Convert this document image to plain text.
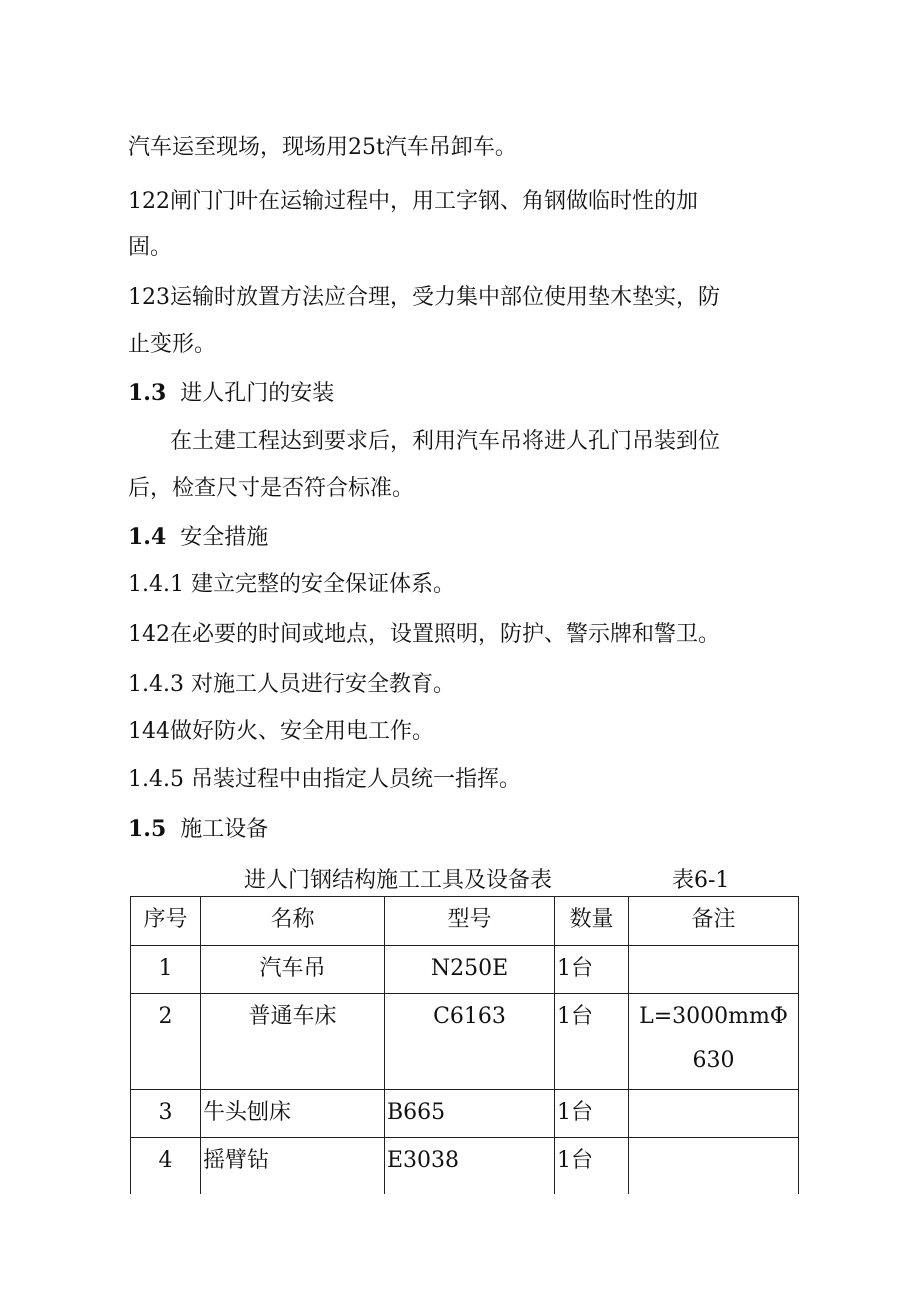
汽车运至现场，现场用25t汽车吊卸车。
122闸门门叶在运输过程中，用工字钢、角钢做临时性的加
固。
123运输时放置方法应合理，受力集中部位使用垫木垫实，防
止变形。
1.3 进人孔门的安装
在土建工程达到要求后，利用汽车吊将进人孔门吊装到位
后，检查尺寸是否符合标准。
1.4 安全措施
1.4.1 建立完整的安全保证体系。
142在必要的时间或地点，设置照明，防护、警示牌和警卫。
1.4.3 对施工人员进行安全教育。
144做好防火、安全用电工作。
1.4.5 吊装过程中由指定人员统一指挥。
1.5 施工设备
进人门钢结构施工工具及设备表	表6-1
序号	名称	型号	数量	备注
1	汽车吊	N250E	1台	
2	普通车床	C6163	1台	L=3000mmΦ
630

3	牛头刨床	B665	1台	
4	摇臂钻	E3038	1台	
